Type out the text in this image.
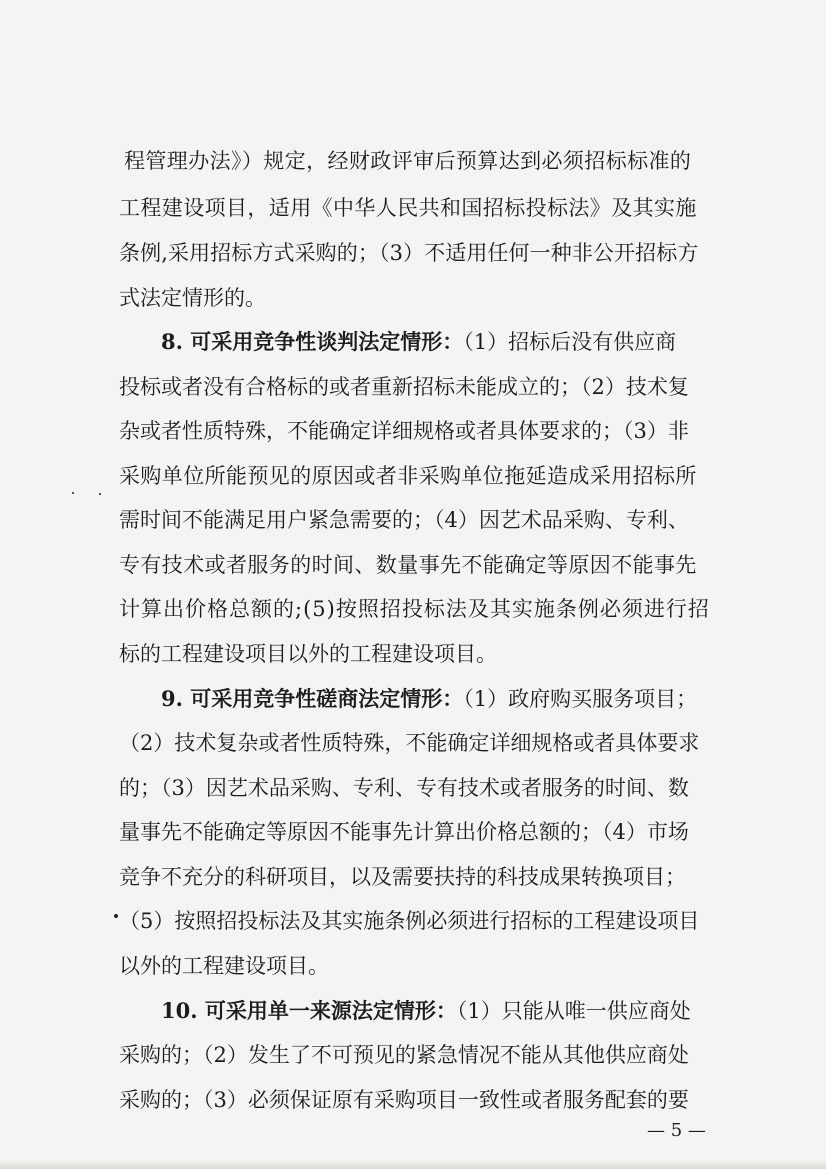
程管理办法》）规定，经财政评审后预算达到必须招标标准的
工程建设项目，适用《中华人民共和国招标投标法》及其实施
条例,采用招标方式采购的；（3）不适用任何一种非公开招标方
式法定情形的。
8. 可采用竞争性谈判法定情形：（1）招标后没有供应商
投标或者没有合格标的或者重新招标未能成立的；（2）技术复
杂或者性质特殊，不能确定详细规格或者具体要求的；（3）非
采购单位所能预见的原因或者非采购单位拖延造成采用招标所
需时间不能满足用户紧急需要的；（4）因艺术品采购、专利、
专有技术或者服务的时间、数量事先不能确定等原因不能事先
计算出价格总额的;(5)按照招投标法及其实施条例必须进行招
标的工程建设项目以外的工程建设项目。
9. 可采用竞争性磋商法定情形：（1）政府购买服务项目；
（2）技术复杂或者性质特殊，不能确定详细规格或者具体要求
的；（3）因艺术品采购、专利、专有技术或者服务的时间、数
量事先不能确定等原因不能事先计算出价格总额的；（4）市场
竞争不充分的科研项目，以及需要扶持的科技成果转换项目；
（5）按照招投标法及其实施条例必须进行招标的工程建设项目
以外的工程建设项目。
10. 可采用单一来源法定情形：（1）只能从唯一供应商处
采购的；（2）发生了不可预见的紧急情况不能从其他供应商处
采购的；（3）必须保证原有采购项目一致性或者服务配套的要
— 5 —
